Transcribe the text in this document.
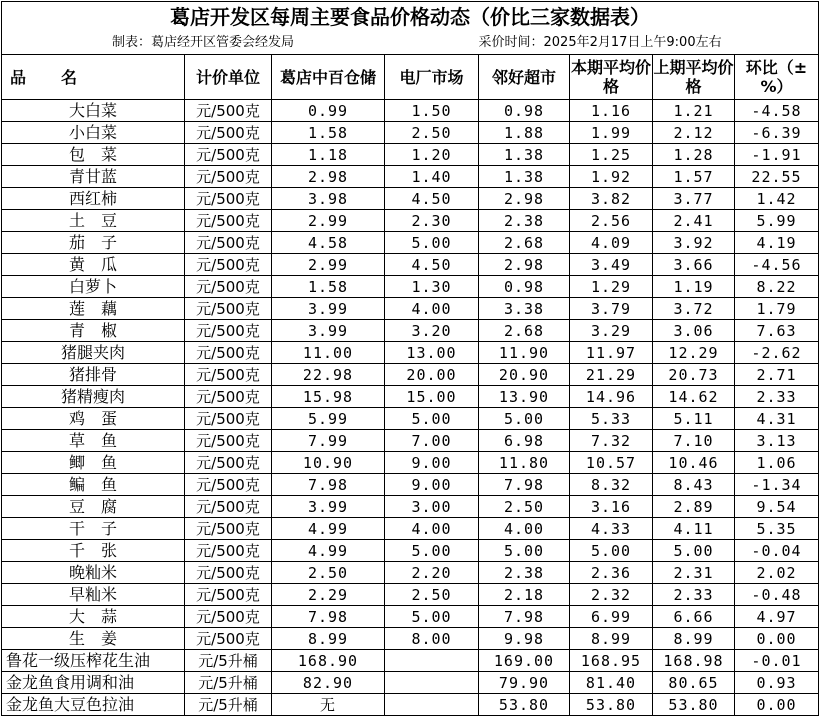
葛店开发区每周主要食品价格动态（价比三家数据表）							
制表：葛店经开区管委会经发局				采价时间：2025年2月17日上午9:00左右			
品　　名	计价单位	葛店中百仓储	电厂市场	邻好超市	本期平均价格	上期平均价格	环比（±%）
大白菜	元/500克	0.99	1.50	0.98	1.16	1.21	-4.58
小白菜	元/500克	1.58	2.50	1.88	1.99	2.12	-6.39
包　菜	元/500克	1.18	1.20	1.38	1.25	1.28	-1.91
青甘蓝	元/500克	2.98	1.40	1.38	1.92	1.57	22.55
西红柿	元/500克	3.98	4.50	2.98	3.82	3.77	1.42
土　豆	元/500克	2.99	2.30	2.38	2.56	2.41	5.99
茄　子	元/500克	4.58	5.00	2.68	4.09	3.92	4.19
黄　瓜	元/500克	2.99	4.50	2.98	3.49	3.66	-4.56
白萝卜	元/500克	1.58	1.30	0.98	1.29	1.19	8.22
莲　藕	元/500克	3.99	4.00	3.38	3.79	3.72	1.79
青　椒	元/500克	3.99	3.20	2.68	3.29	3.06	7.63
猪腿夹肉	元/500克	11.00	13.00	11.90	11.97	12.29	-2.62
猪排骨	元/500克	22.98	20.00	20.90	21.29	20.73	2.71
猪精瘦肉	元/500克	15.98	15.00	13.90	14.96	14.62	2.33
鸡　蛋	元/500克	5.99	5.00	5.00	5.33	5.11	4.31
草　鱼	元/500克	7.99	7.00	6.98	7.32	7.10	3.13
鲫　鱼	元/500克	10.90	9.00	11.80	10.57	10.46	1.06
鳊　鱼	元/500克	7.98	9.00	7.98	8.32	8.43	-1.34
豆　腐	元/500克	3.99	3.00	2.50	3.16	2.89	9.54
干　子	元/500克	4.99	4.00	4.00	4.33	4.11	5.35
千　张	元/500克	4.99	5.00	5.00	5.00	5.00	-0.04
晚籼米	元/500克	2.50	2.20	2.38	2.36	2.31	2.02
早籼米	元/500克	2.29	2.50	2.18	2.32	2.33	-0.48
大　蒜	元/500克	7.98	5.00	7.98	6.99	6.66	4.97
生　姜	元/500克	8.99	8.00	9.98	8.99	8.99	0.00
鲁花一级压榨花生油	元/5升桶	168.90		169.00	168.95	168.98	-0.01
金龙鱼食用调和油	元/5升桶	82.90		79.90	81.40	80.65	0.93
金龙鱼大豆色拉油	元/5升桶	无		53.80	53.80	53.80	0.00
